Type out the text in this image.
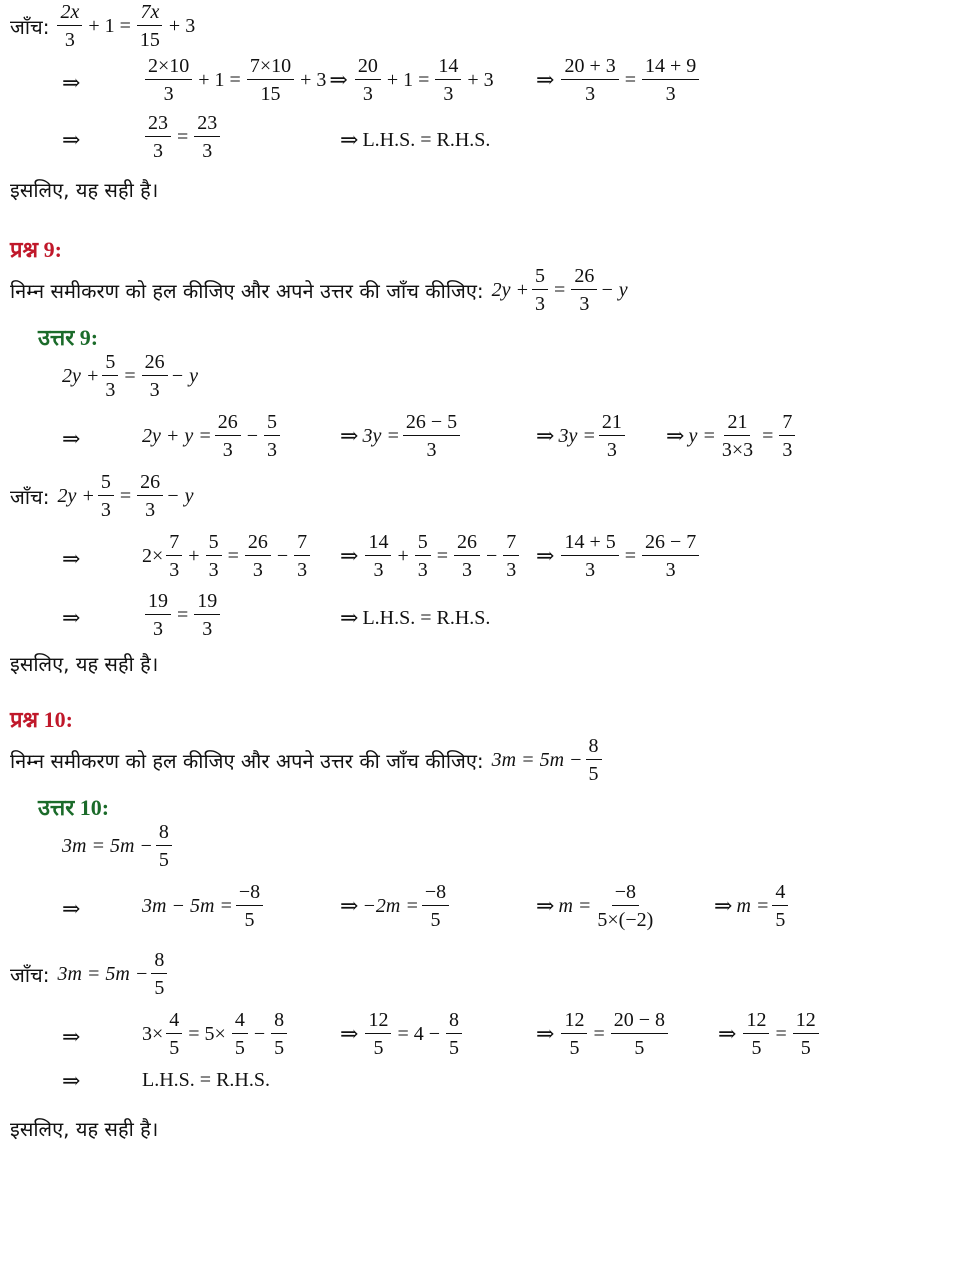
जाँच: $\frac{2x}{3} + 1 = \frac{7x}{15} + 3$
⇒	$\frac{2\times 10}{3} + 1 = \frac{7\times 10}{15} + 3$ ⇒ $\frac{20}{3} + 1 = \frac{14}{3} + 3$ ⇒ $\frac{20 + 3}{3} = \frac{14 + 9}{3}$
⇒	$\frac{23}{3} = \frac{23}{3}$	⇒ L.H.S. = R.H.S.
इसलिए, यह सही है।
प्रश्न 9:
निम्न समीकरण को हल कीजिए और अपने उत्तर की जाँच कीजिए: $2y + \frac{5}{3} = \frac{26}{3} - y$
उत्तर 9:
$2y + \frac{5}{3} = \frac{26}{3} - y$
⇒	$2y + y = \frac{26}{3} - \frac{5}{3}$	⇒ $3y = \frac{26 - 5}{3}$	⇒ $3y = \frac{21}{3}$ ⇒ $y = \frac{21}{3\times 3} = \frac{7}{3}$
जाँच: $2y + \frac{5}{3} = \frac{26}{3} - y$
⇒	$2\times \frac{7}{3} + \frac{5}{3} = \frac{26}{3} - \frac{7}{3}$ ⇒ $\frac{14}{3} + \frac{5}{3} = \frac{26}{3} - \frac{7}{3}$ ⇒ $\frac{14 + 5}{3} = \frac{26 - 7}{3}$
⇒	$\frac{19}{3} = \frac{19}{3}$	⇒ L.H.S. = R.H.S.
इसलिए, यह सही है।
प्रश्न 10:
निम्न समीकरण को हल कीजिए और अपने उत्तर की जाँच कीजिए: $3m = 5m - \frac{8}{5}$
उत्तर 10:
$3m = 5m - \frac{8}{5}$
⇒	$3m - 5m = \frac{-8}{5}$	⇒ $-2m = \frac{-8}{5}$	⇒ $m = \frac{-8}{5\times(-2)}$	⇒ $m = \frac{4}{5}$
जाँच: $3m = 5m - \frac{8}{5}$
⇒	$3\times \frac{4}{5} = 5\times \frac{4}{5} - \frac{8}{5}$ ⇒ $\frac{12}{5} = 4 - \frac{8}{5}$	⇒ $\frac{12}{5} = \frac{20 - 8}{5}$ ⇒ $\frac{12}{5} = \frac{12}{5}$
⇒	L.H.S. = R.H.S.
इसलिए, यह सही है।
